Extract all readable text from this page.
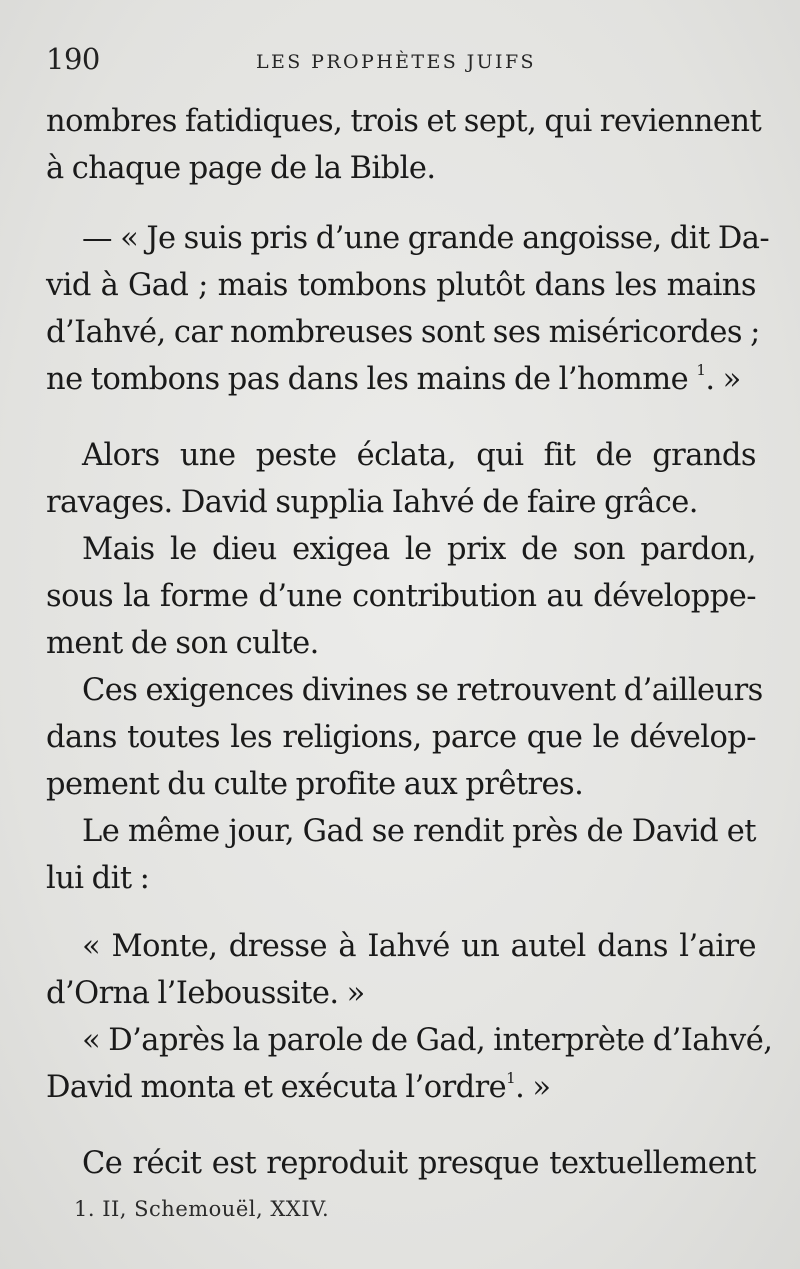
190	LES PROPHÈTES JUIFS
nombres fatidiques, trois et sept, qui reviennent
à chaque page de la Bible.
— « Je suis pris d’une grande angoisse, dit Da-
vid à Gad ; mais tombons plutôt dans les mains
d’Iahvé, car nombreuses sont ses miséricordes ;
ne tombons pas dans les mains de l’homme $^1$. »
Alors une peste éclata, qui fit de grands
ravages. David supplia Iahvé de faire grâce.
Mais le dieu exigea le prix de son pardon,
sous la forme d’une contribution au développe-
ment de son culte.
Ces exigences divines se retrouvent d’ailleurs
dans toutes les religions, parce que le dévelop-
pement du culte profite aux prêtres.
Le même jour, Gad se rendit près de David et
lui dit :
« Monte, dresse à Iahvé un autel dans l’aire
d’Orna l’Ieboussite. »
« D’après la parole de Gad, interprète d’Iahvé,
David monta et exécuta l’ordre$^1$. »
Ce récit est reproduit presque textuellement
1. II, Schemouël, XXIV.
